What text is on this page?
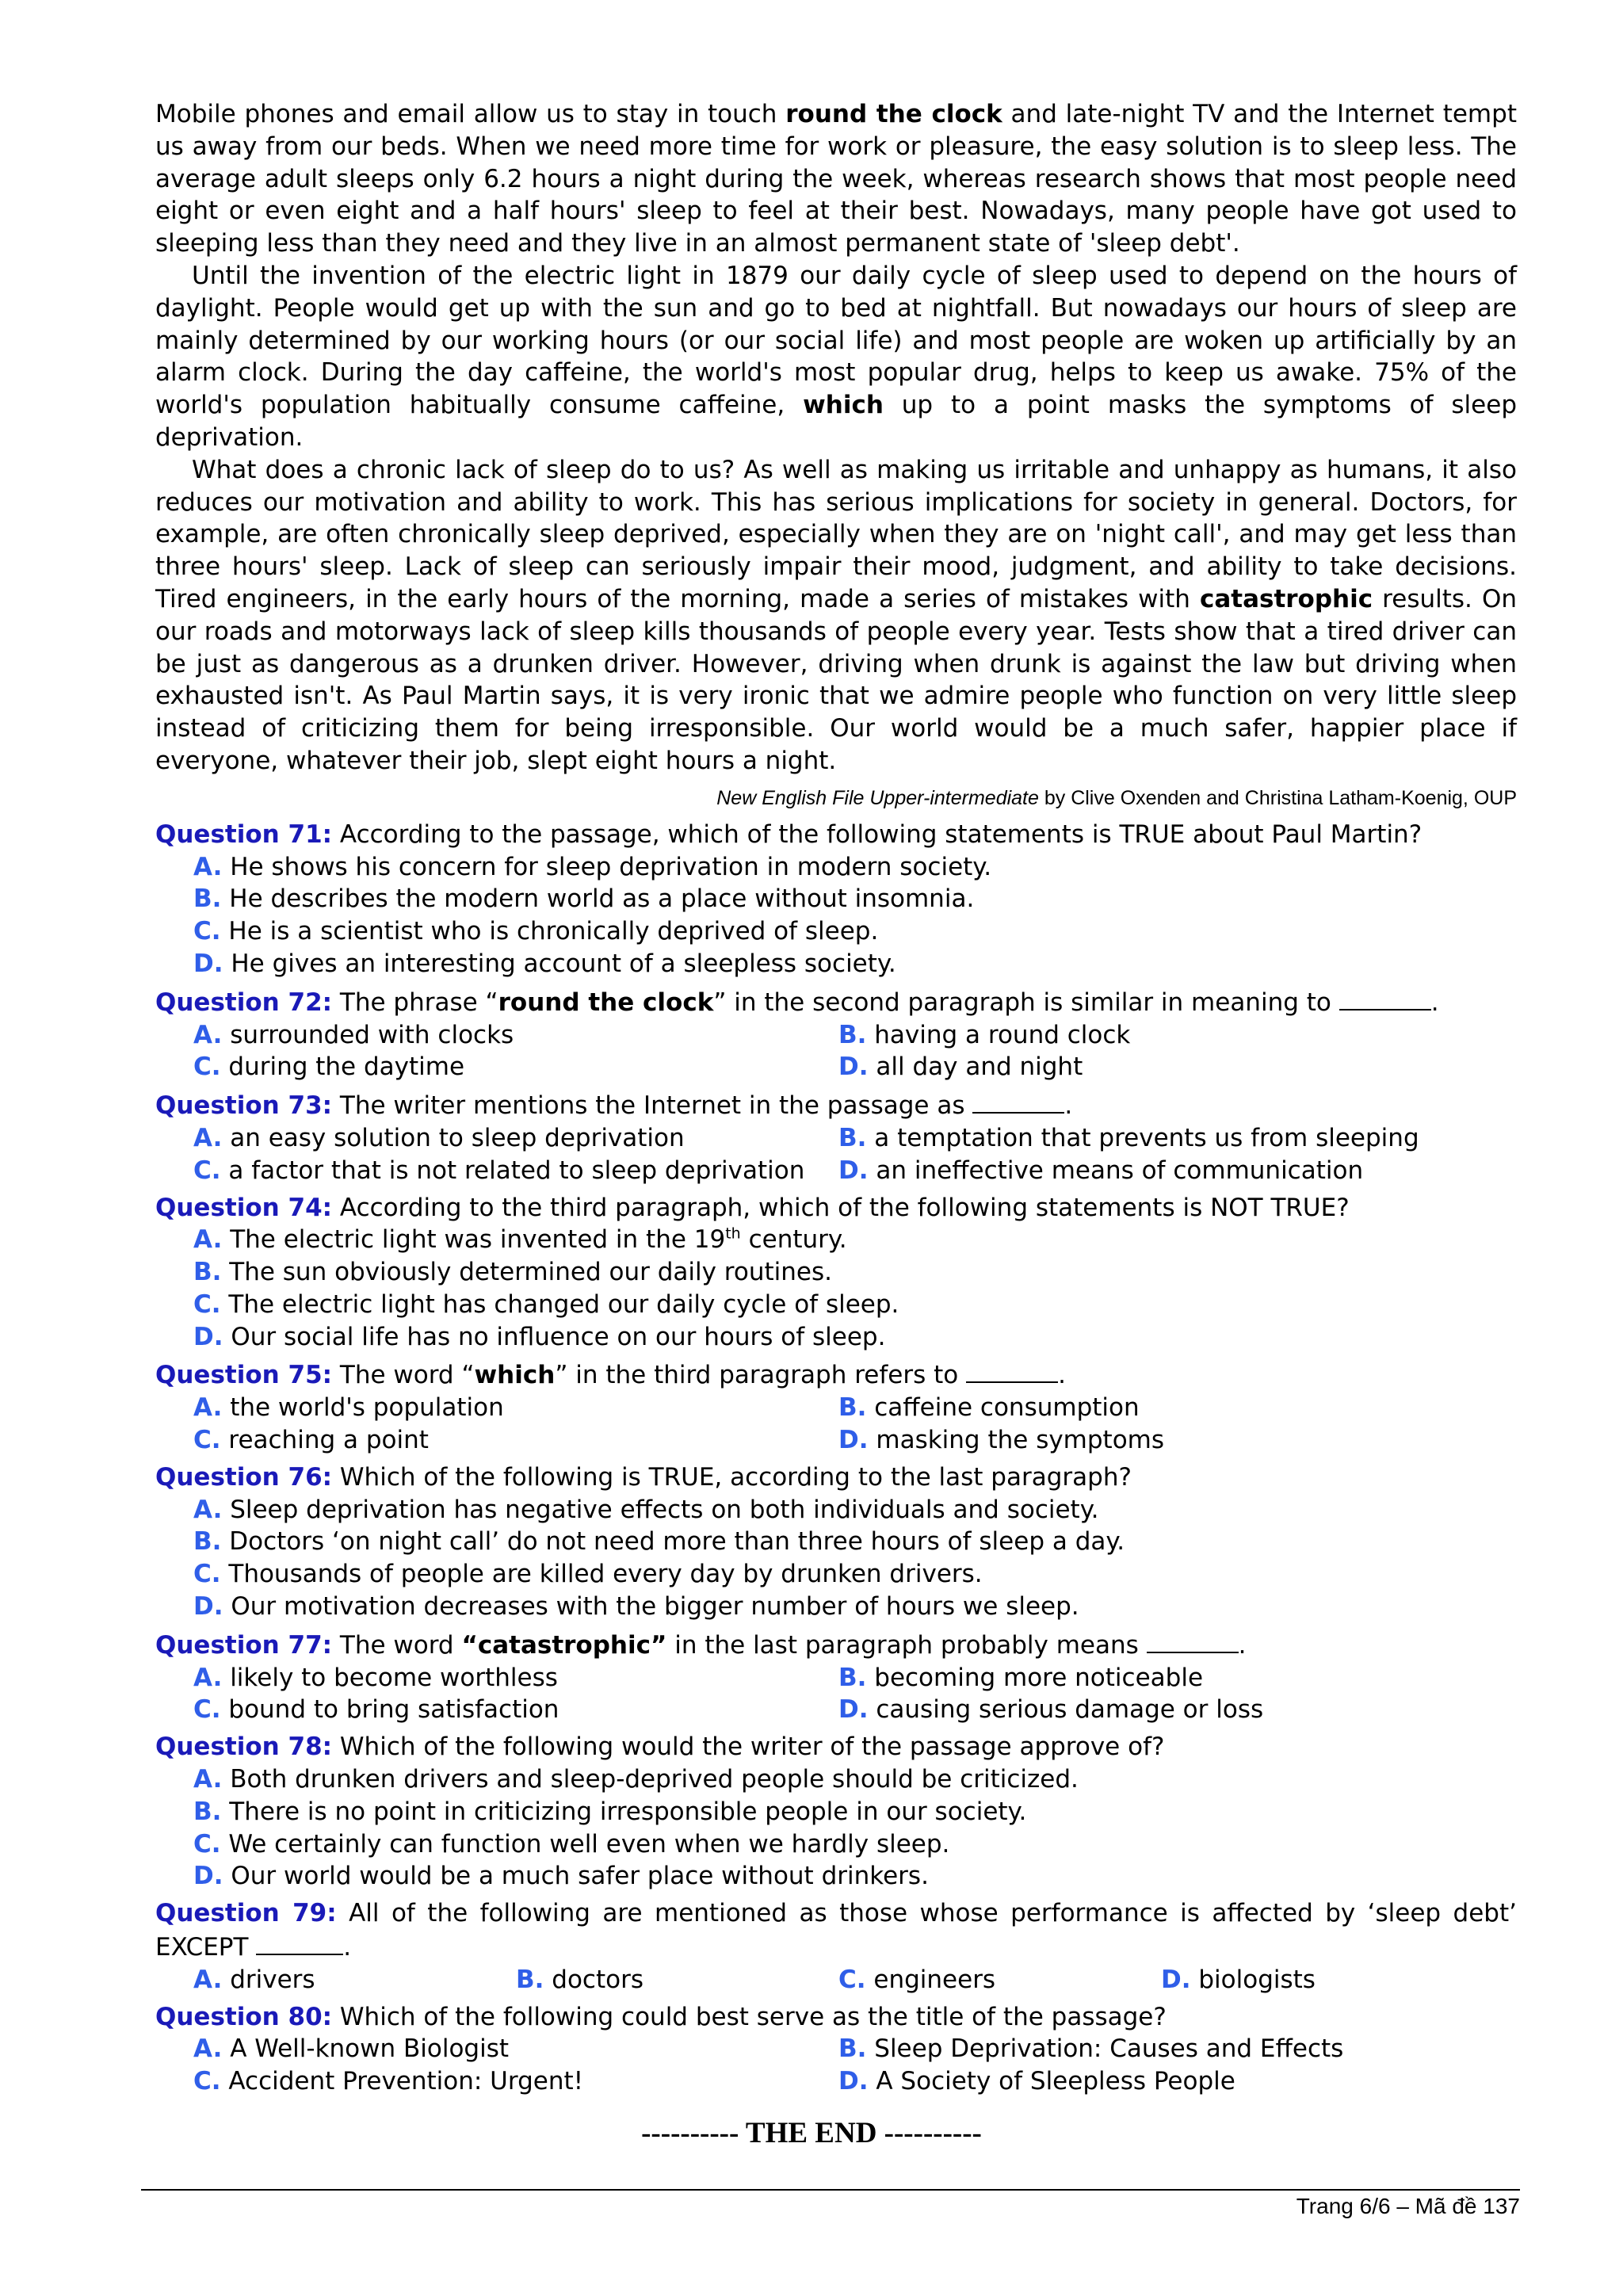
Mobile phones and email allow us to stay in touch round the clock and late-night TV and the Internet tempt us away from our beds. When we need more time for work or pleasure, the easy solution is to sleep less. The average adult sleeps only 6.2 hours a night during the week, whereas research shows that most people need eight or even eight and a half hours' sleep to feel at their best. Nowadays, many people have got used to sleeping less than they need and they live in an almost permanent state of 'sleep debt'.

Until the invention of the electric light in 1879 our daily cycle of sleep used to depend on the hours of daylight. People would get up with the sun and go to bed at nightfall. But nowadays our hours of sleep are mainly determined by our working hours (or our social life) and most people are woken up artificially by an alarm clock. During the day caffeine, the world's most popular drug, helps to keep us awake. 75% of the world's population habitually consume caffeine, which up to a point masks the symptoms of sleep deprivation.

What does a chronic lack of sleep do to us? As well as making us irritable and unhappy as humans, it also reduces our motivation and ability to work. This has serious implications for society in general. Doctors, for example, are often chronically sleep deprived, especially when they are on 'night call', and may get less than three hours' sleep. Lack of sleep can seriously impair their mood, judgment, and ability to take decisions. Tired engineers, in the early hours of the morning, made a series of mistakes with catastrophic results. On our roads and motorways lack of sleep kills thousands of people every year. Tests show that a tired driver can be just as dangerous as a drunken driver. However, driving when drunk is against the law but driving when exhausted isn't. As Paul Martin says, it is very ironic that we admire people who function on very little sleep instead of criticizing them for being irresponsible. Our world would be a much safer, happier place if everyone, whatever their job, slept eight hours a night.

New English File Upper-intermediate by Clive Oxenden and Christina Latham-Koenig, OUP
Question 71: According to the passage, which of the following statements is TRUE about Paul Martin?
A. He shows his concern for sleep deprivation in modern society.
B. He describes the modern world as a place without insomnia.
C. He is a scientist who is chronically deprived of sleep.
D. He gives an interesting account of a sleepless society.
Question 72: The phrase “round the clock” in the second paragraph is similar in meaning to	.
A. surrounded with clocks	B. having a round clock
C. during the daytime	D. all day and night
Question 73: The writer mentions the Internet in the passage as	.
A. an easy solution to sleep deprivation	B. a temptation that prevents us from sleeping
C. a factor that is not related to sleep deprivation	D. an ineffective means of communication
Question 74: According to the third paragraph, which of the following statements is NOT TRUE?
A. The electric light was invented in the 19th century.
B. The sun obviously determined our daily routines.
C. The electric light has changed our daily cycle of sleep.
D. Our social life has no influence on our hours of sleep.
Question 75: The word “which” in the third paragraph refers to	.
A. the world's population	B. caffeine consumption
C. reaching a point	D. masking the symptoms
Question 76: Which of the following is TRUE, according to the last paragraph?
A. Sleep deprivation has negative effects on both individuals and society.
B. Doctors ‘on night call’ do not need more than three hours of sleep a day.
C. Thousands of people are killed every day by drunken drivers.
D. Our motivation decreases with the bigger number of hours we sleep.
Question 77: The word “catastrophic” in the last paragraph probably means	.
A. likely to become worthless	B. becoming more noticeable
C. bound to bring satisfaction	D. causing serious damage or loss
Question 78: Which of the following would the writer of the passage approve of?
A. Both drunken drivers and sleep-deprived people should be criticized.
B. There is no point in criticizing irresponsible people in our society.
C. We certainly can function well even when we hardly sleep.
D. Our world would be a much safer place without drinkers.
Question 79: All of the following are mentioned as those whose performance is affected by ‘sleep debt’ EXCEPT	.
A. drivers	B. doctors	C. engineers	D. biologists
Question 80: Which of the following could best serve as the title of the passage?
A. A Well-known Biologist	B. Sleep Deprivation: Causes and Effects
C. Accident Prevention: Urgent!	D. A Society of Sleepless People
---------- THE END ----------
Trang 6/6 – Mã đề 137
